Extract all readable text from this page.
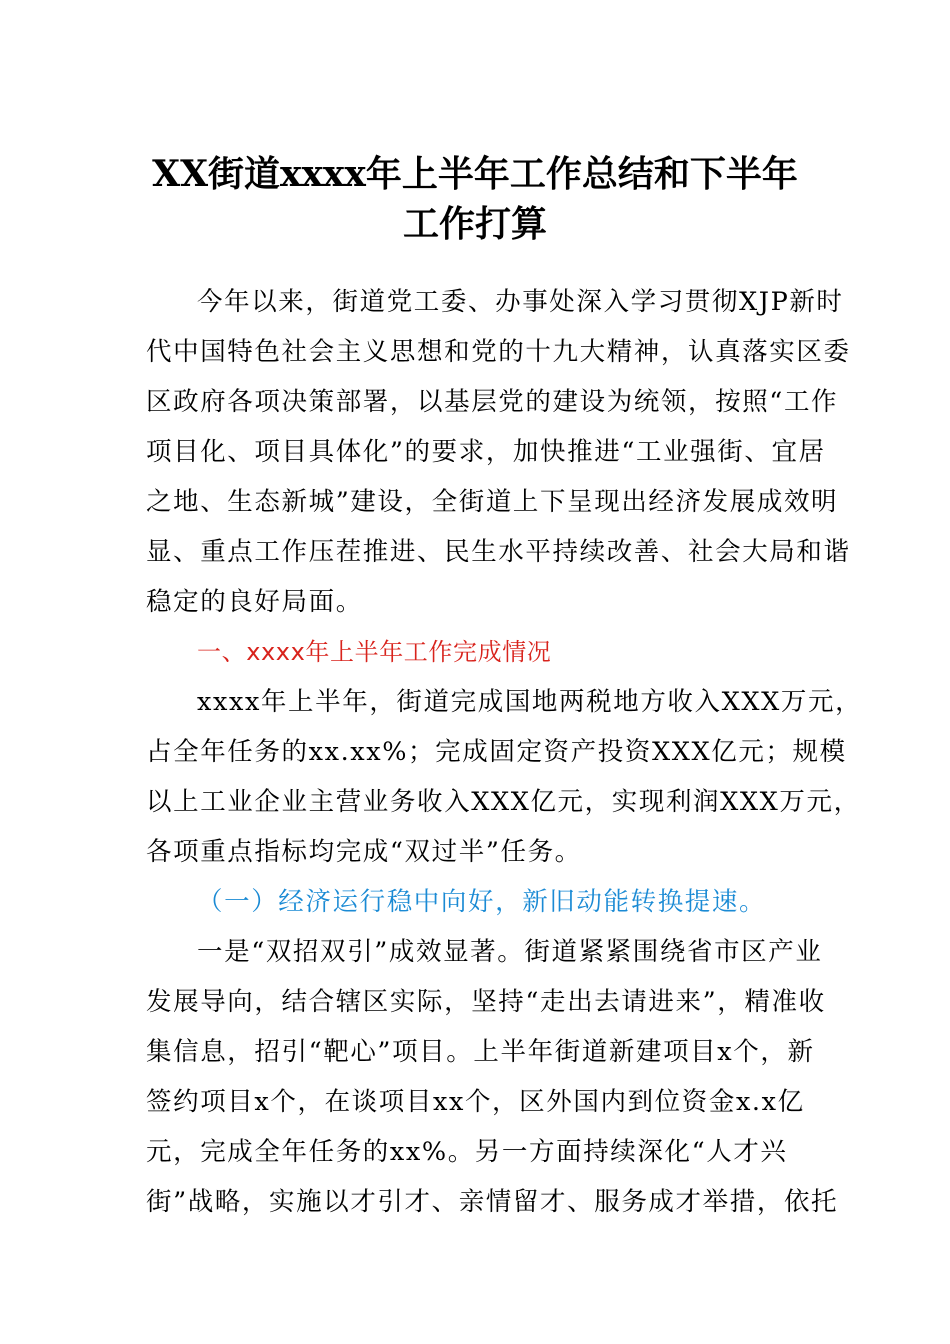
XX街道xxxx年上半年工作总结和下半年
工作打算

今年以来，街道党工委、办事处深入学习贯彻XJP新时

代中国特色社会主义思想和党的十九大精神，认真落实区委

区政府各项决策部署，以基层党的建设为统领，按照“工作

项目化、项目具体化”的要求，加快推进“工业强街、宜居

之地、生态新城”建设，全街道上下呈现出经济发展成效明

显、重点工作压茬推进、民生水平持续改善、社会大局和谐

稳定的良好局面。

一、xxxx年上半年工作完成情况

xxxx年上半年，街道完成国地两税地方收入XXX万元，

占全年任务的xx.xx%；完成固定资产投资XXX亿元；规模

以上工业企业主营业务收入XXX亿元，实现利润XXX万元，

各项重点指标均完成“双过半”任务。

（一）经济运行稳中向好，新旧动能转换提速。

一是“双招双引”成效显著。街道紧紧围绕省市区产业

发展导向，结合辖区实际，坚持“走出去请进来”，精准收

集信息，招引“靶心”项目。上半年街道新建项目x个，新

签约项目x个，在谈项目xx个，区外国内到位资金x.x亿

元，完成全年任务的xx%。另一方面持续深化“人才兴

街”战略，实施以才引才、亲情留才、服务成才举措，依托
